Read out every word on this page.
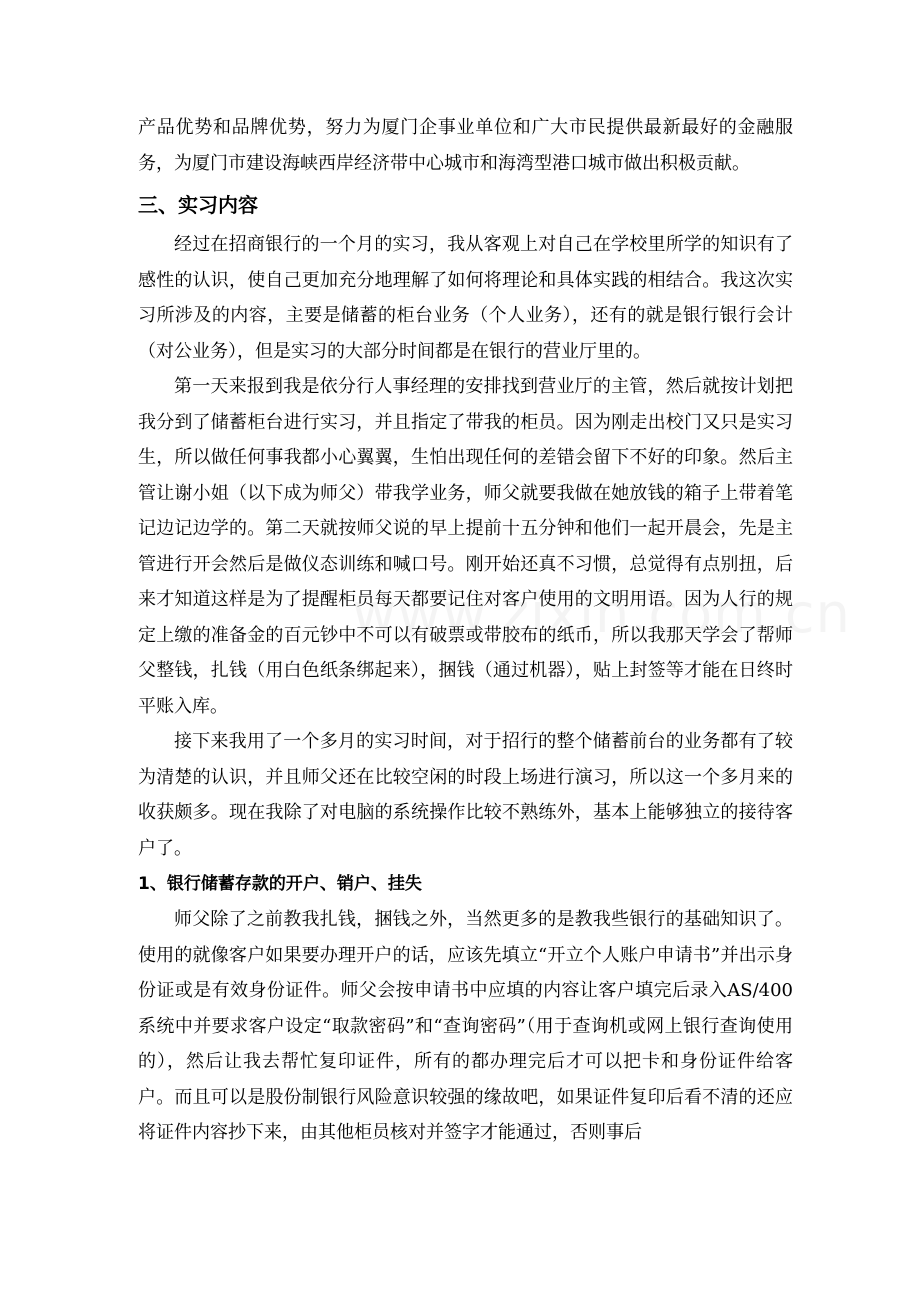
产品优势和品牌优势，努力为厦门企事业单位和广大市民提供最新最好的金融服务，为厦门市建设海峡西岸经济带中心城市和海湾型港口城市做出积极贡献。

三、实习内容

经过在招商银行的一个月的实习，我从客观上对自己在学校里所学的知识有了感性的认识，使自己更加充分地理解了如何将理论和具体实践的相结合。我这次实习所涉及的内容，主要是储蓄的柜台业务（个人业务），还有的就是银行银行会计（对公业务），但是实习的大部分时间都是在银行的营业厅里的。

第一天来报到我是依分行人事经理的安排找到营业厅的主管，然后就按计划把我分到了储蓄柜台进行实习，并且指定了带我的柜员。因为刚走出校门又只是实习生，所以做任何事我都小心翼翼，生怕出现任何的差错会留下不好的印象。然后主管让谢小姐（以下成为师父）带我学业务，师父就要我做在她放钱的箱子上带着笔记边记边学的。第二天就按师父说的早上提前十五分钟和他们一起开晨会，先是主管进行开会然后是做仪态训练和喊口号。刚开始还真不习惯，总觉得有点别扭，后来才知道这样是为了提醒柜员每天都要记住对客户使用的文明用语。因为人行的规定上缴的准备金的百元钞中不可以有破票或带胶布的纸币，所以我那天学会了帮师父整钱，扎钱（用白色纸条绑起来），捆钱（通过机器），贴上封签等才能在日终时平账入库。

接下来我用了一个多月的实习时间，对于招行的整个储蓄前台的业务都有了较为清楚的认识，并且师父还在比较空闲的时段上场进行演习，所以这一个多月来的收获颇多。现在我除了对电脑的系统操作比较不熟练外，基本上能够独立的接待客户了。

1、银行储蓄存款的开户、销户、挂失

师父除了之前教我扎钱，捆钱之外，当然更多的是教我些银行的基础知识了。使用的就像客户如果要办理开户的话，应该先填立“开立个人账户申请书”并出示身份证或是有效身份证件。师父会按申请书中应填的内容让客户填完后录入AS/400系统中并要求客户设定“取款密码”和“查询密码”（用于查询机或网上银行查询使用的），然后让我去帮忙复印证件，所有的都办理完后才可以把卡和身份证件给客户。而且可以是股份制银行风险意识较强的缘故吧，如果证件复印后看不清的还应将证件内容抄下来，由其他柜员核对并签字才能通过，否则事后
